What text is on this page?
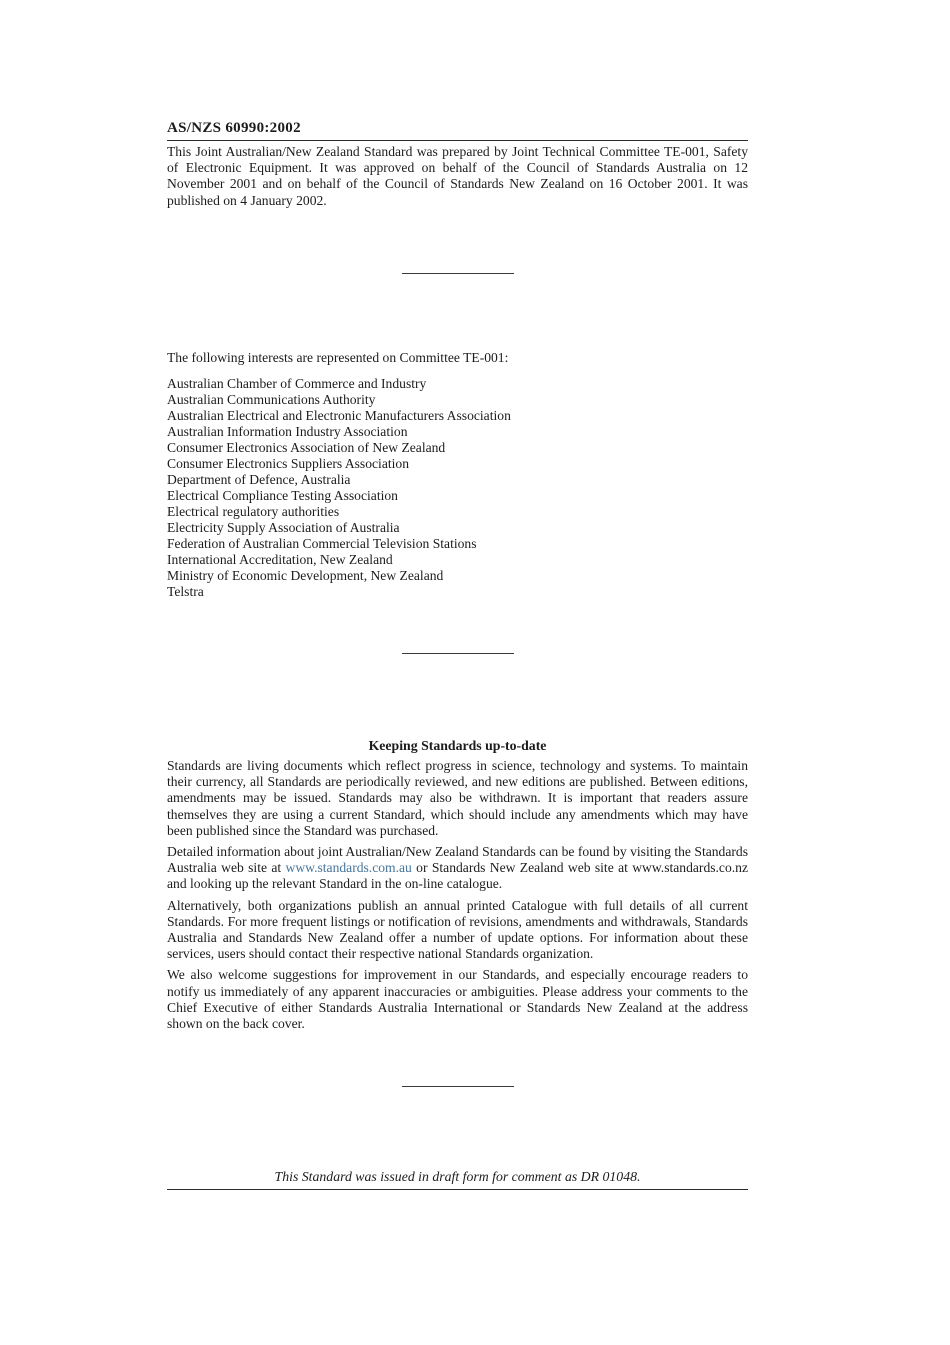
AS/NZS 60990:2002

This Joint Australian/New Zealand Standard was prepared by Joint Technical Committee TE-001, Safety of Electronic Equipment. It was approved on behalf of the Council of Standards Australia on 12 November 2001 and on behalf of the Council of Standards New Zealand on 16 October 2001. It was published on 4 January 2002.

The following interests are represented on Committee TE-001:
Australian Chamber of Commerce and Industry
Australian Communications Authority
Australian Electrical and Electronic Manufacturers Association
Australian Information Industry Association
Consumer Electronics Association of New Zealand
Consumer Electronics Suppliers Association
Department of Defence, Australia
Electrical Compliance Testing Association
Electrical regulatory authorities
Electricity Supply Association of Australia
Federation of Australian Commercial Television Stations
International Accreditation, New Zealand
Ministry of Economic Development, New Zealand
Telstra
Keeping Standards up-to-date

Standards are living documents which reflect progress in science, technology and systems. To maintain their currency, all Standards are periodically reviewed, and new editions are published. Between editions, amendments may be issued. Standards may also be withdrawn. It is important that readers assure themselves they are using a current Standard, which should include any amendments which may have been published since the Standard was purchased.

Detailed information about joint Australian/New Zealand Standards can be found by visiting the Standards Australia web site at www.standards.com.au or Standards New Zealand web site at www.standards.co.nz and looking up the relevant Standard in the on-line catalogue.

Alternatively, both organizations publish an annual printed Catalogue with full details of all current Standards. For more frequent listings or notification of revisions, amendments and withdrawals, Standards Australia and Standards New Zealand offer a number of update options. For information about these services, users should contact their respective national Standards organization.

We also welcome suggestions for improvement in our Standards, and especially encourage readers to notify us immediately of any apparent inaccuracies or ambiguities. Please address your comments to the Chief Executive of either Standards Australia International or Standards New Zealand at the address shown on the back cover.

This Standard was issued in draft form for comment as DR 01048.
